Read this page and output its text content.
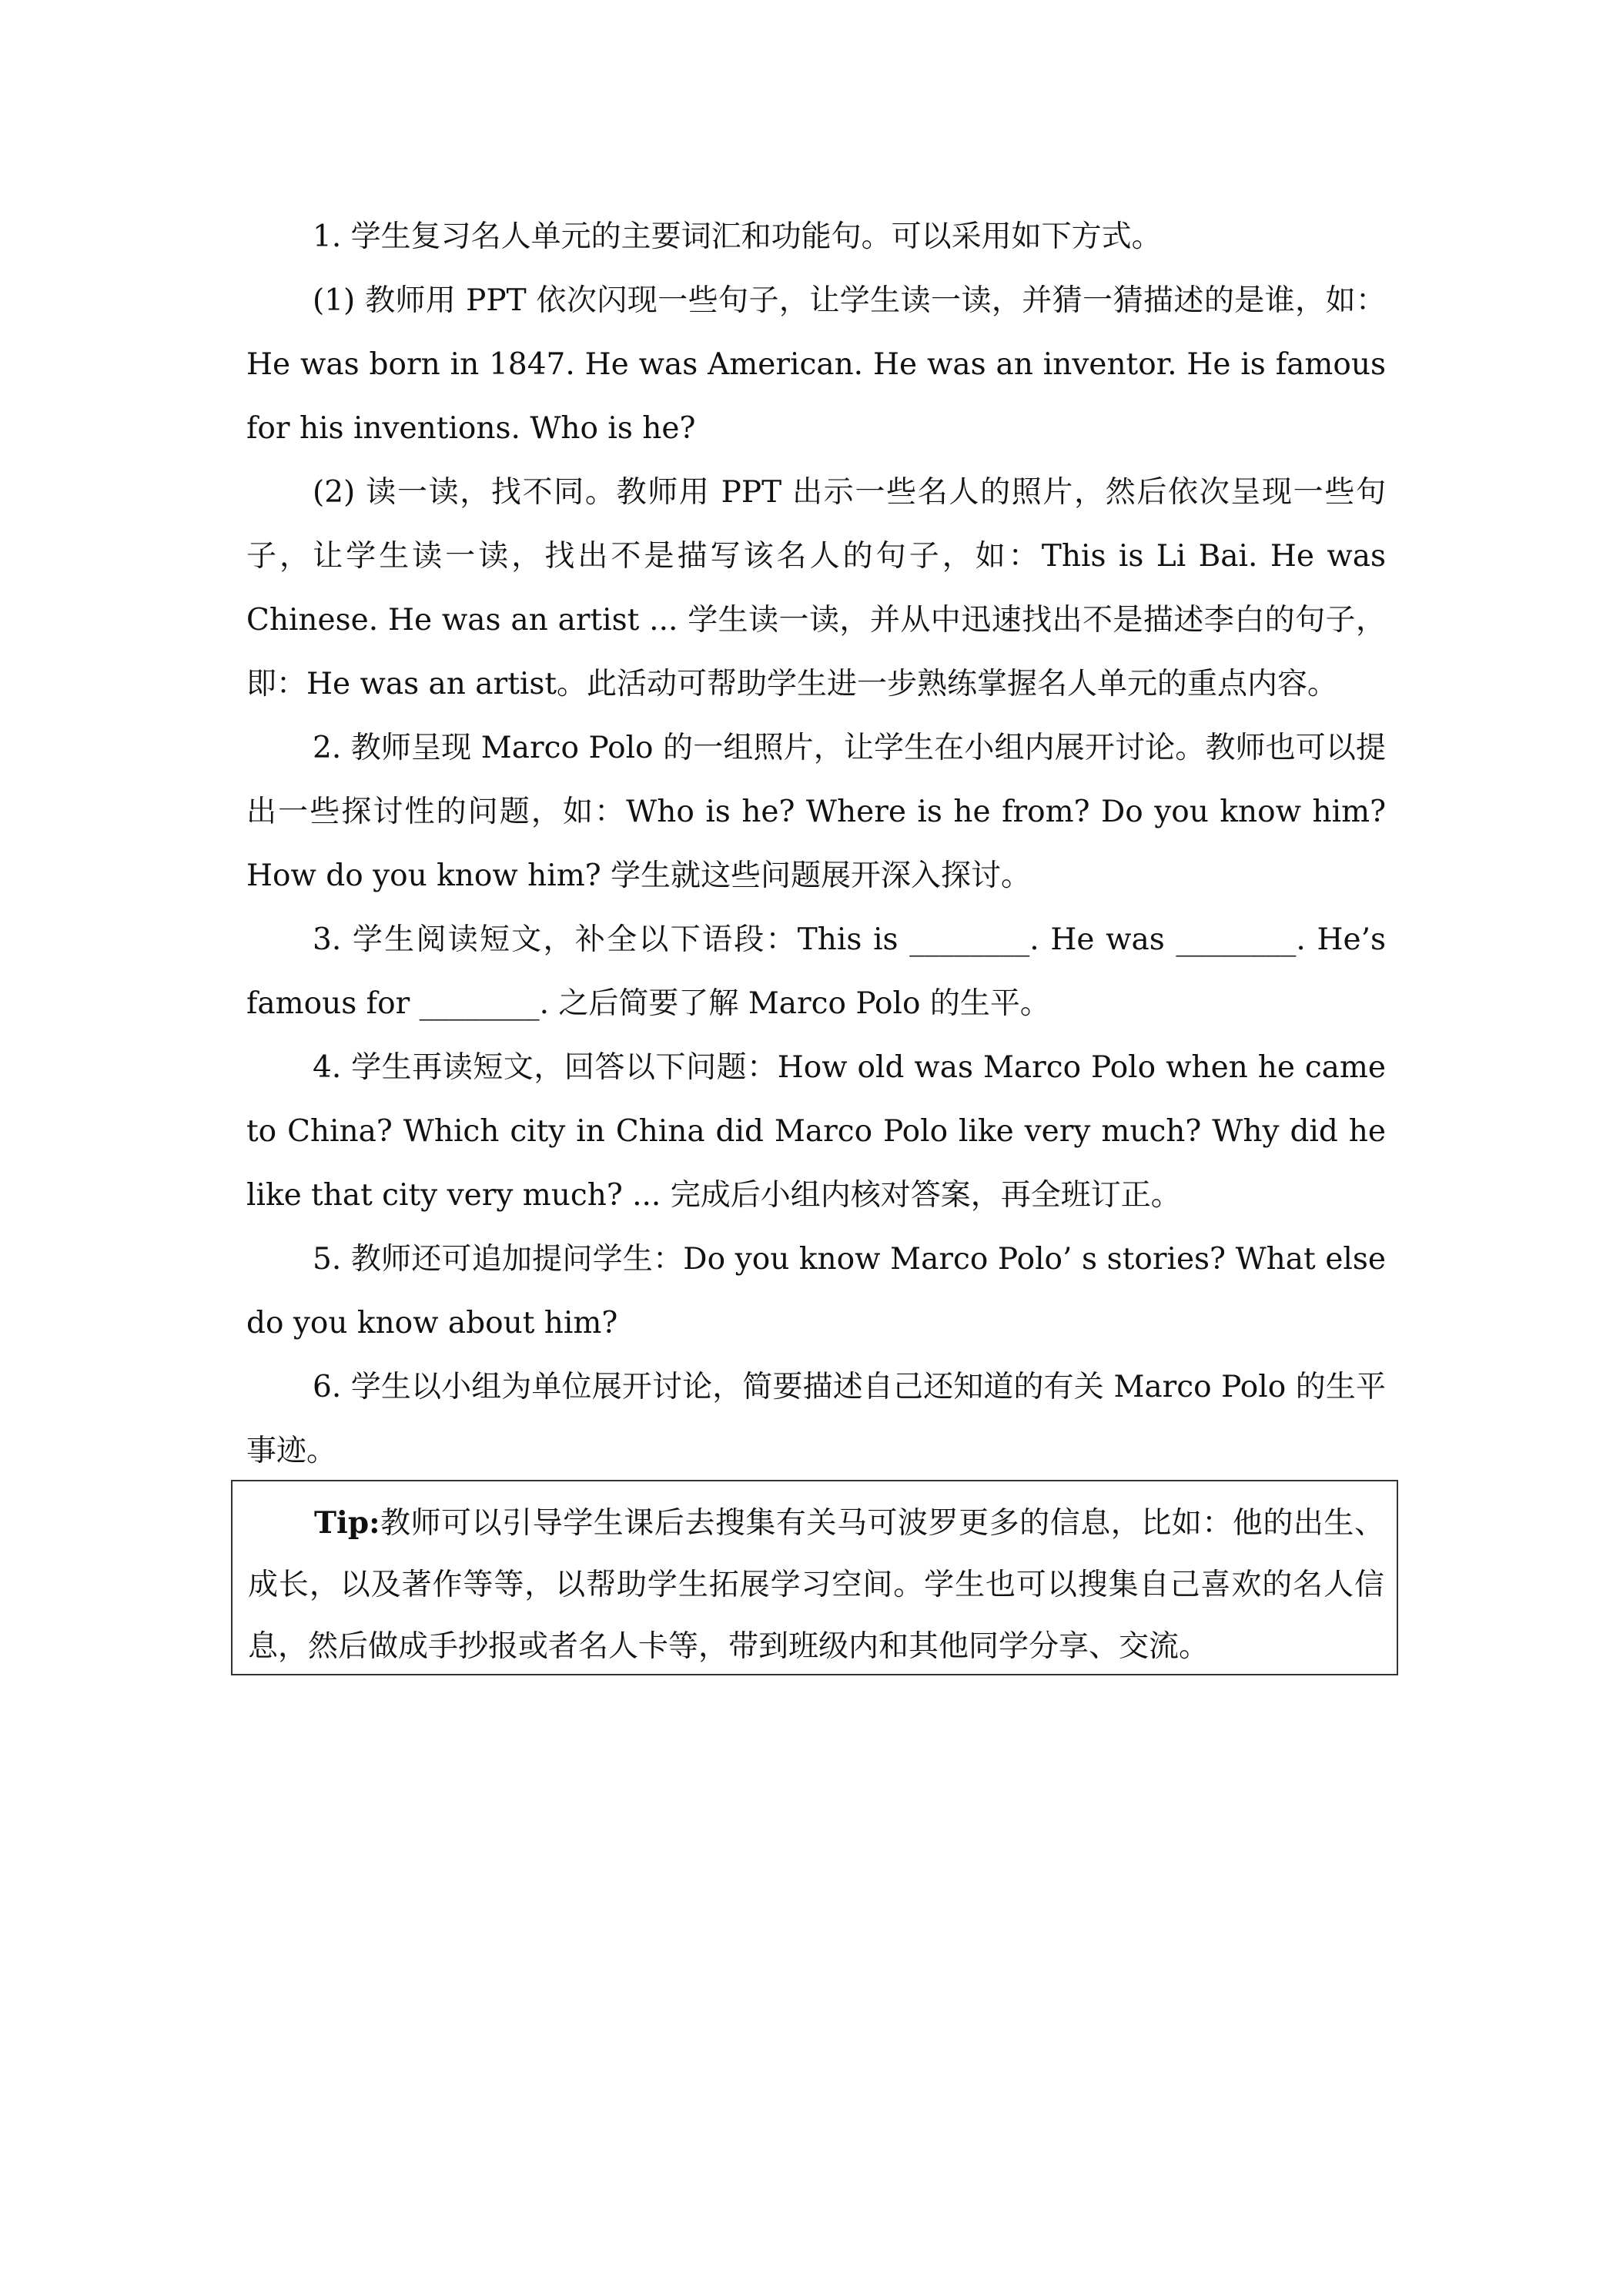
1. 学生复习名人单元的主要词汇和功能句。可以采用如下方式。

(1) 教师用 PPT 依次闪现一些句子，让学生读一读，并猜一猜描述的是谁，如：He was born in 1847. He was American. He was an inventor. He is famous for his inventions. Who is he?

(2) 读一读，找不同。教师用 PPT 出示一些名人的照片，然后依次呈现一些句子，让学生读一读，找出不是描写该名人的句子，如：This is Li Bai. He was Chinese. He was an artist ... 学生读一读，并从中迅速找出不是描述李白的句子，即：He was an artist。此活动可帮助学生进一步熟练掌握名人单元的重点内容。

2. 教师呈现 Marco Polo 的一组照片，让学生在小组内展开讨论。教师也可以提出一些探讨性的问题，如：Who is he? Where is he from? Do you know him? How do you know him? 学生就这些问题展开深入探讨。

3. 学生阅读短文，补全以下语段：This is ________. He was ________. He’s famous for ________. 之后简要了解 Marco Polo 的生平。

4. 学生再读短文，回答以下问题：How old was Marco Polo when he came to China? Which city in China did Marco Polo like very much? Why did he like that city very much? ... 完成后小组内核对答案，再全班订正。

5. 教师还可追加提问学生：Do you know Marco Polo’ s stories? What else do you know about him?

6. 学生以小组为单位展开讨论，简要描述自己还知道的有关 Marco Polo 的生平事迹。

Tip:教师可以引导学生课后去搜集有关马可波罗更多的信息，比如：他的出生、成长，以及著作等等，以帮助学生拓展学习空间。学生也可以搜集自己喜欢的名人信息，然后做成手抄报或者名人卡等，带到班级内和其他同学分享、交流。
